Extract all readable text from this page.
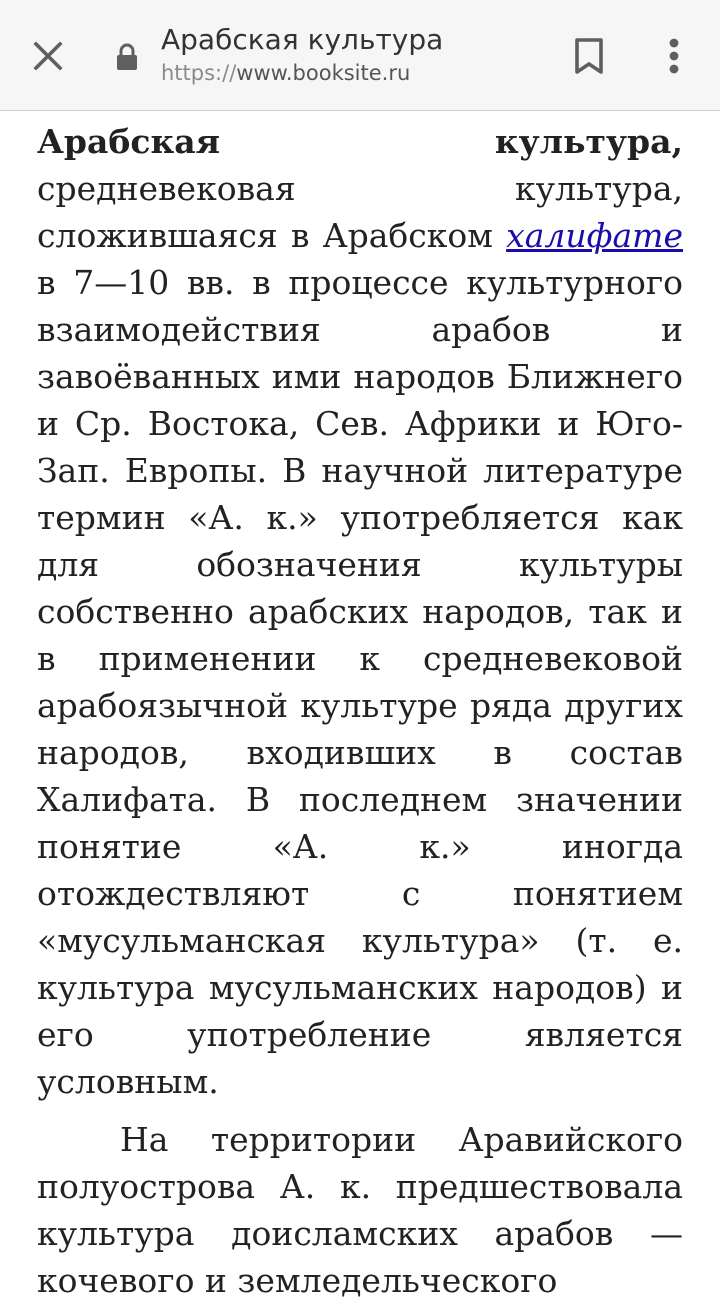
Арабская культура
https://www.booksite.ru

Арабская культура, средневековая культура, сложившаяся в Арабском халифате в 7—10 вв. в процессе культурного взаимодействия арабов и завоёванных ими народов Ближнего и Ср. Востока, Сев. Африки и Юго-Зап. Европы. В научной литературе термин «А. к.» употребляется как для обозначения культуры собственно арабских народов, так и в применении к средневековой арабоязычной культуре ряда других народов, входивших в состав Халифата. В последнем значении понятие «А. к.» иногда отождествляют с понятием «мусульманская культура» (т. е. культура мусульманских народов) и его употребление является условным.

На территории Аравийского полуострова А. к. предшествовала культура доисламских арабов — кочевого и земледельческого
